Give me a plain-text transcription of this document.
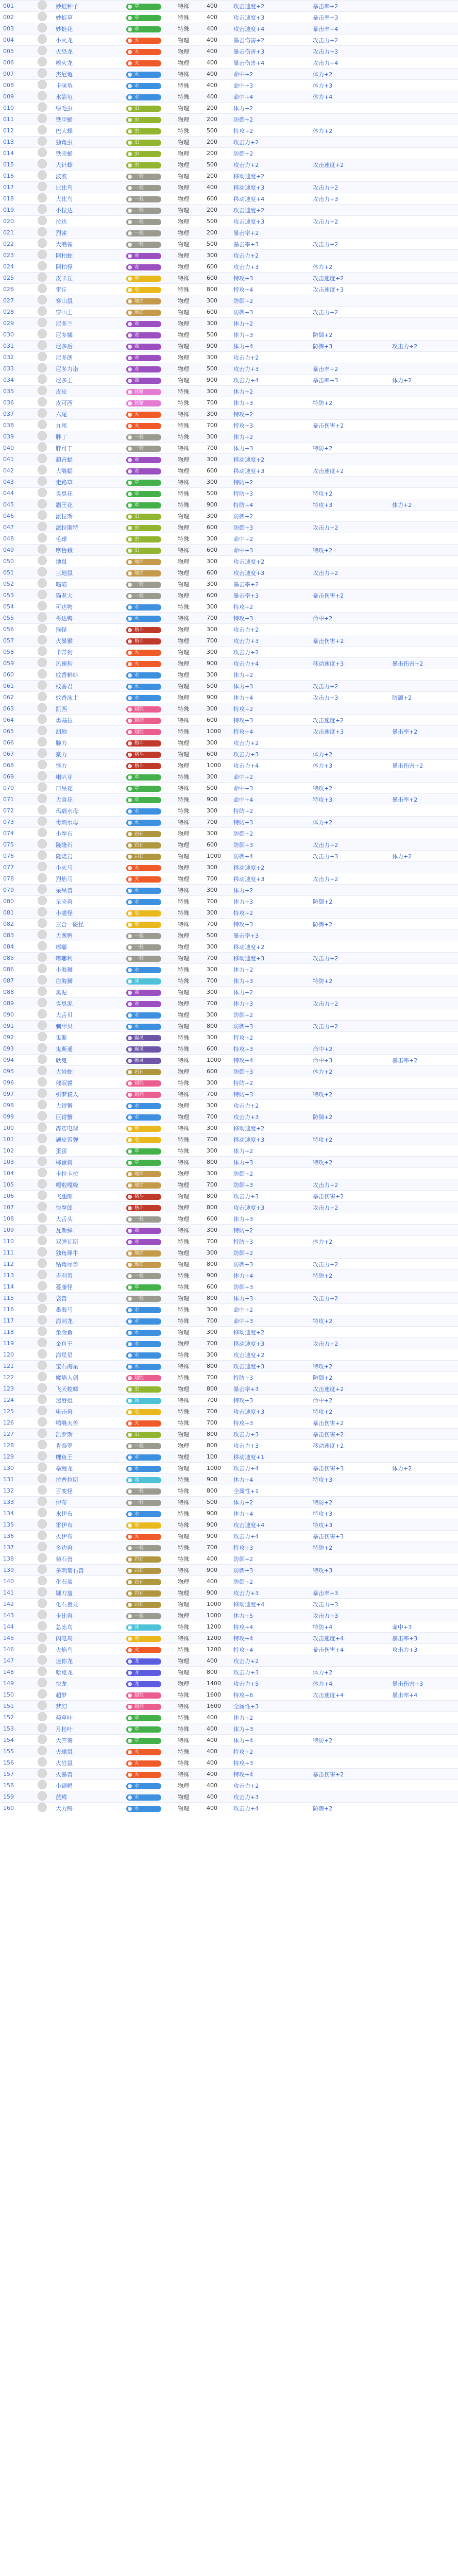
001		妙蛙种子	草	特殊	400	攻击速度+2	暴击率+2	
002		妙蛙草	草	特殊	400	攻击速度+3	暴击率+3	
003		妙蛙花	草	特殊	400	攻击速度+4	暴击率+4	
004		小火龙	火	物理	400	暴击伤害+2	攻击力+2	
005		火恐龙	火	物理	400	暴击伤害+3	攻击力+3	
006		喷火龙	火	物理	400	暴击伤害+4	攻击力+4	
007		杰尼龟	水	特殊	400	命中+2	体力+2	
008		卡咪龟	水	特殊	400	命中+3	体力+3	
009		水箭龟	水	特殊	400	命中+4	体力+4	
010		绿毛虫	虫	物理	200	体力+2		
011		铁甲蛹	虫	物理	200	防御+2		
012		巴大蝶	虫	特殊	500	特攻+2	体力+2	
013		独角虫	虫	物理	200	攻击力+2		
014		铁壳蛹	虫	物理	200	防御+2		
015		大针蜂	虫	物理	500	攻击力+2	攻击速度+2	
016		波波	一般	物理	200	移动速度+2		
017		比比鸟	一般	物理	400	移动速度+3	攻击力+2	
018		大比鸟	一般	物理	600	移动速度+4	攻击力+3	
019		小拉达	一般	物理	200	攻击速度+2		
020		拉达	一般	物理	500	攻击速度+3	攻击力+2	
021		烈雀	一般	物理	200	暴击率+2		
022		大嘴雀	一般	物理	500	暴击率+3	攻击力+2	
023		阿柏蛇	毒	物理	300	攻击力+2		
024		阿柏怪	毒	物理	600	攻击力+3	体力+2	
025		皮卡丘	电	特殊	600	特攻+3	攻击速度+2	
026		雷丘	电	特殊	800	特攻+4	攻击速度+3	
027		穿山鼠	地面	物理	300	防御+2		
028		穿山王	地面	物理	600	防御+3	攻击力+2	
029		尼多兰	毒	物理	300	体力+2		
030		尼多娜	毒	物理	500	体力+3	防御+2	
031		尼多后	毒	物理	900	体力+4	防御+3	攻击力+2
032		尼多朗	毒	物理	300	攻击力+2		
033		尼多力诺	毒	物理	500	攻击力+3	暴击率+2	
034		尼多王	毒	物理	900	攻击力+4	暴击率+3	体力+2
035		皮皮	妖精	特殊	300	体力+2		
036		皮可西	妖精	特殊	700	体力+3	特防+2	
037		六尾	火	特殊	300	特攻+2		
038		九尾	火	特殊	700	特攻+3	暴击伤害+2	
039		胖丁	一般	特殊	300	体力+2		
040		胖可丁	一般	特殊	700	体力+3	特防+2	
041		超音蝠	毒	物理	300	移动速度+2		
042		大嘴蝠	毒	物理	600	移动速度+3	攻击速度+2	
043		走路草	草	特殊	300	特防+2		
044		臭臭花	草	特殊	500	特防+3	特攻+2	
045		霸王花	草	特殊	900	特防+4	特攻+3	体力+2
046		派拉斯	虫	物理	300	防御+2		
047		派拉斯特	虫	物理	600	防御+3	攻击力+2	
048		毛球	虫	特殊	300	命中+2		
049		摩鲁蛾	虫	特殊	600	命中+3	特攻+2	
050		地鼠	地面	物理	300	攻击速度+2		
051		三地鼠	地面	物理	600	攻击速度+3	攻击力+2	
052		喵喵	一般	物理	300	暴击率+2		
053		猫老大	一般	物理	600	暴击率+3	暴击伤害+2	
054		可达鸭	水	特殊	300	特攻+2		
055		哥达鸭	水	特殊	700	特攻+3	命中+2	
056		猴怪	格斗	物理	300	攻击力+2		
057		火暴猴	格斗	物理	700	攻击力+3	暴击伤害+2	
058		卡蒂狗	火	物理	300	攻击力+2		
059		风速狗	火	物理	900	攻击力+4	移动速度+3	暴击伤害+2
060		蚊香蝌蚪	水	物理	300	体力+2		
061		蚊香君	水	物理	500	体力+3	攻击力+2	
062		蚊香泳士	水	物理	900	体力+4	攻击力+3	防御+2
063		凯西	超能	特殊	300	特攻+2		
064		勇基拉	超能	特殊	600	特攻+3	攻击速度+2	
065		胡地	超能	特殊	1000	特攻+4	攻击速度+3	暴击率+2
066		腕力	格斗	物理	300	攻击力+2		
067		豪力	格斗	物理	600	攻击力+3	体力+2	
068		怪力	格斗	物理	1000	攻击力+4	体力+3	暴击伤害+2
069		喇叭芽	草	特殊	300	命中+2		
070		口呆花	草	特殊	500	命中+3	特攻+2	
071		大食花	草	特殊	900	命中+4	特攻+3	暴击率+2
072		玛瑙水母	水	特殊	300	特防+2		
073		毒刺水母	水	特殊	700	特防+3	体力+2	
074		小拳石	岩石	物理	300	防御+2		
075		隆隆石	岩石	物理	600	防御+3	攻击力+2	
076		隆隆岩	岩石	物理	1000	防御+4	攻击力+3	体力+2
077		小火马	火	物理	300	移动速度+2		
078		烈焰马	火	物理	700	移动速度+3	攻击力+2	
079		呆呆兽	水	特殊	300	体力+2		
080		呆壳兽	水	特殊	700	体力+3	防御+2	
081		小磁怪	电	特殊	300	特攻+2		
082		三合一磁怪	电	特殊	700	特攻+3	防御+2	
083		大葱鸭	一般	物理	500	暴击率+3		
084		嘟嘟	一般	物理	300	移动速度+2		
085		嘟嘟利	一般	物理	700	移动速度+3	攻击力+2	
086		小海狮	水	特殊	300	体力+2		
087		白海狮	冰	特殊	700	体力+3	特防+2	
088		臭泥	毒	物理	300	体力+2		
089		臭臭泥	毒	物理	700	体力+3	攻击力+2	
090		大舌贝	水	物理	300	防御+2		
091		刺甲贝	水	物理	800	防御+3	攻击力+2	
092		鬼斯	幽灵	特殊	300	特攻+2		
093		鬼斯通	幽灵	特殊	600	特攻+3	命中+2	
094		耿鬼	幽灵	特殊	1000	特攻+4	命中+3	暴击率+2
095		大岩蛇	岩石	物理	600	防御+3	体力+2	
096		催眠貘	超能	特殊	300	特防+2		
097		引梦貘人	超能	特殊	700	特防+3	特攻+2	
098		大钳蟹	水	物理	300	攻击力+2		
099		巨钳蟹	水	物理	700	攻击力+3	防御+2	
100		霹雳电球	电	特殊	300	移动速度+2		
101		顽皮雷弹	电	特殊	700	移动速度+3	特攻+2	
102		蛋蛋	草	特殊	300	体力+2		
103		椰蛋树	草	特殊	800	体力+3	特攻+2	
104		卡拉卡拉	地面	物理	300	防御+2		
105		嘎啦嘎啦	地面	物理	700	防御+3	攻击力+2	
106		飞腿郎	格斗	物理	800	攻击力+3	暴击伤害+2	
107		快拳郎	格斗	物理	800	攻击速度+3	攻击力+2	
108		大舌头	一般	物理	600	体力+3		
109		瓦斯弹	毒	特殊	300	特防+2		
110		双弹瓦斯	毒	特殊	700	特防+3	体力+2	
111		独角犀牛	地面	物理	300	防御+2		
112		钻角犀兽	地面	物理	800	防御+3	攻击力+2	
113		吉利蛋	一般	特殊	900	体力+4	特防+2	
114		蔓藤怪	草	特殊	600	防御+3		
115		袋兽	一般	物理	800	体力+3	攻击力+2	
116		墨海马	水	特殊	300	命中+2		
117		海刺龙	水	特殊	700	命中+3	特攻+2	
118		角金鱼	水	物理	300	移动速度+2		
119		金鱼王	水	物理	700	移动速度+3	攻击力+2	
120		海星星	水	特殊	300	攻击速度+2		
121		宝石海星	水	特殊	800	攻击速度+3	特攻+2	
122		魔墙人偶	超能	特殊	700	特防+3	防御+2	
123		飞天螳螂	虫	物理	800	暴击率+3	攻击速度+2	
124		迷唇姐	冰	特殊	700	特攻+3	命中+2	
125		电击兽	电	特殊	700	攻击速度+3	特攻+2	
126		鸭嘴火兽	火	特殊	700	特攻+3	暴击伤害+2	
127		凯罗斯	虫	物理	800	攻击力+3	暴击伤害+2	
128		肯泰罗	一般	物理	800	攻击力+3	移动速度+2	
129		鲤鱼王	水	物理	100	移动速度+1		
130		暴鲤龙	水	物理	1000	攻击力+4	暴击伤害+3	体力+2
131		拉普拉斯	冰	特殊	900	体力+4	特攻+3	
132		百变怪	一般	特殊	800	全属性+1		
133		伊布	一般	特殊	500	体力+2	特防+2	
134		水伊布	水	特殊	900	体力+4	特攻+3	
135		雷伊布	电	特殊	900	攻击速度+4	特攻+3	
136		火伊布	火	物理	900	攻击力+4	暴击伤害+3	
137		多边兽	一般	特殊	700	特攻+3	特防+2	
138		菊石兽	岩石	特殊	400	防御+2		
139		多刺菊石兽	岩石	特殊	900	防御+3	特攻+3	
140		化石盔	岩石	物理	400	防御+2		
141		镰刀盔	岩石	物理	900	攻击力+3	暴击率+3	
142		化石翼龙	岩石	物理	1000	移动速度+4	攻击力+3	
143		卡比兽	一般	物理	1000	体力+5	攻击力+3	
144		急冻鸟	冰	特殊	1200	特攻+4	特防+4	命中+3
145		闪电鸟	电	特殊	1200	特攻+4	攻击速度+4	暴击率+3
146		火焰鸟	火	特殊	1200	特攻+4	暴击伤害+4	攻击力+3
147		迷你龙	龙	物理	400	攻击力+2		
148		哈克龙	龙	物理	800	攻击力+3	体力+2	
149		快龙	龙	物理	1400	攻击力+5	体力+4	暴击伤害+3
150		超梦	超能	特殊	1600	特攻+6	攻击速度+4	暴击率+4
151		梦幻	超能	特殊	1600	全属性+3		
152		菊草叶	草	特殊	400	体力+2		
153		月桂叶	草	特殊	400	体力+3		
154		大竺葵	草	特殊	400	体力+4	特防+2	
155		火球鼠	火	特殊	400	特攻+2		
156		火岩鼠	火	特殊	400	特攻+3		
157		火暴兽	火	特殊	400	特攻+4	暴击伤害+2	
158		小锯鳄	水	物理	400	攻击力+2		
159		蓝鳄	水	物理	400	攻击力+3		
160		大力鳄	水	物理	400	攻击力+4	防御+2	
